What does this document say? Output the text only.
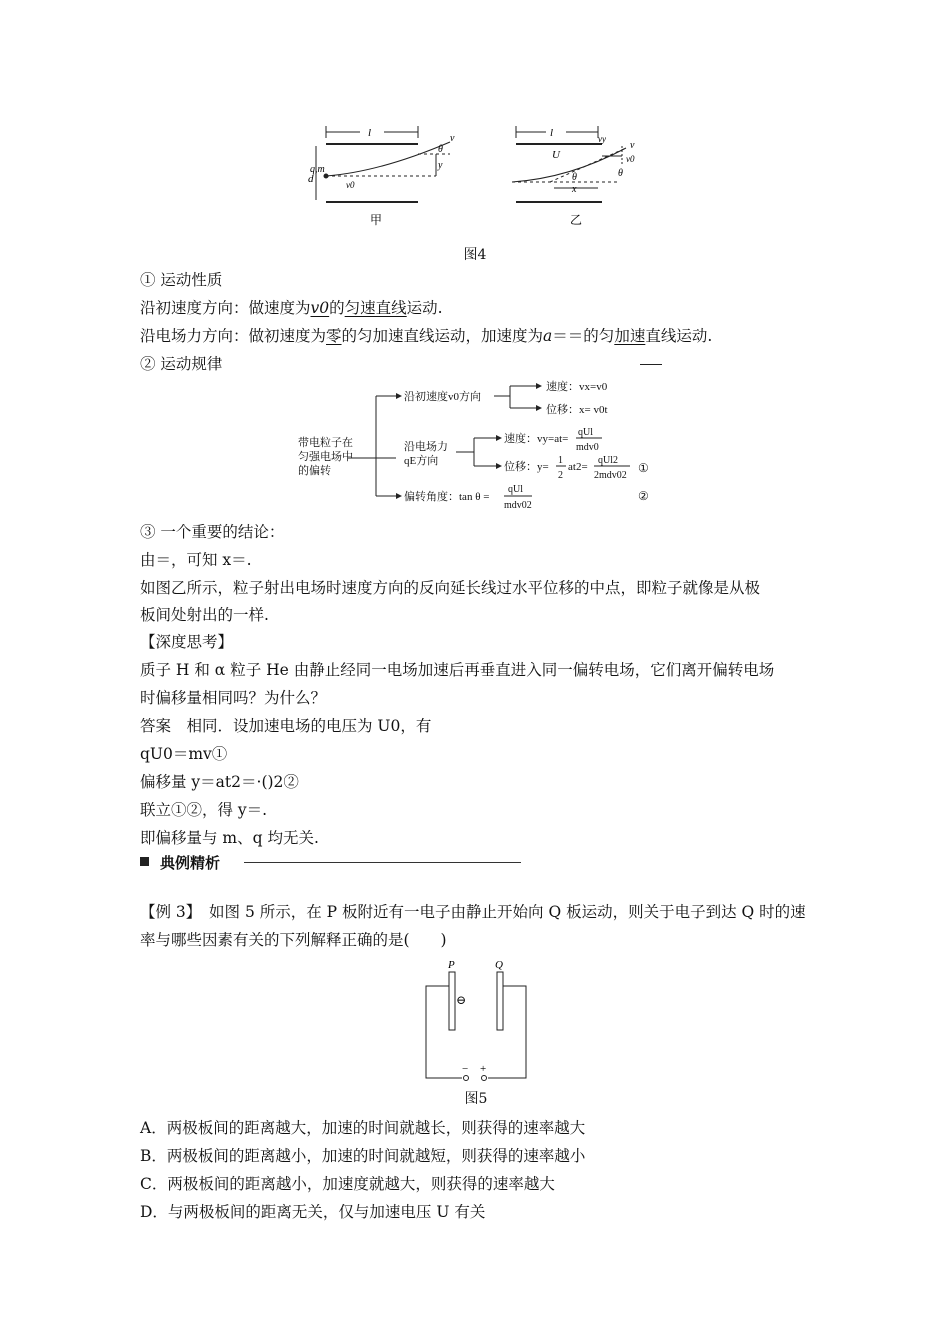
l	v
θ
q,m
d
y
v0
甲
l
U
vy
v
v0
θ	θ
x
乙
图4
① 运动性质
沿初速度方向：做速度为v0的匀速直线运动.
沿电场力方向：做初速度为零的匀加速直线运动，加速度为a＝＝的匀加速直线运动.
② 运动规律
带电粒子在
匀强电场中
的偏转
沿初速度v0方向
速度：vx=v0
位移：x= v0t
沿电场力
qE方向
速度：vy=at=
qUl
mdv0
位移：y=
1
2
at2=
qUl2
2mdv02
①
偏转角度：tan θ =
qUl
mdv02
②
③ 一个重要的结论：
由＝，可知 x＝.
如图乙所示，粒子射出电场时速度方向的反向延长线过水平位移的中点，即粒子就像是从极
板间处射出的一样.
【深度思考】
质子 H 和 α 粒子 He 由静止经同一电场加速后再垂直进入同一偏转电场，它们离开偏转电场
时偏移量相同吗？为什么？
答案　相同．设加速电场的电压为 U0，有
qU0＝mv①
偏移量 y＝at2＝·()2②
联立①②，得 y＝.
即偏移量与 m、q 均无关.
典例精析
【例 3】　如图 5 所示，在 P 板附近有一电子由静止开始向 Q 板运动，则关于电子到达 Q 时的速
率与哪些因素有关的下列解释正确的是(　　)
P	Q
⊖
− +
图5
A．两极板间的距离越大，加速的时间就越长，则获得的速率越大
B．两极板间的距离越小，加速的时间就越短，则获得的速率越小
C．两极板间的距离越小，加速度就越大，则获得的速率越大
D．与两极板间的距离无关，仅与加速电压 U 有关
